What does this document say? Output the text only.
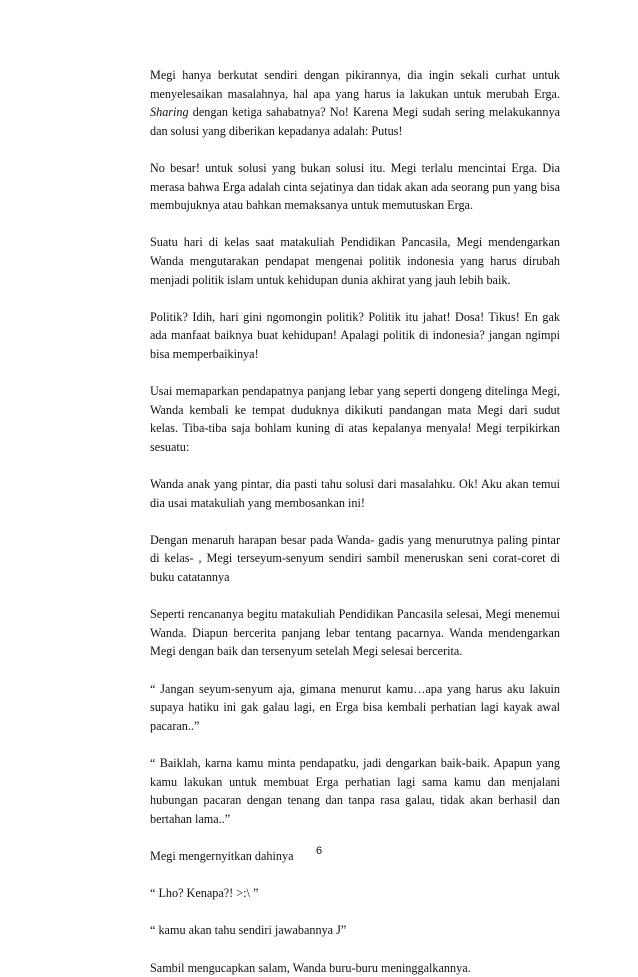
Megi hanya berkutat sendiri dengan pikirannya, dia ingin sekali curhat untuk menyelesaikan masalahnya, hal apa yang harus ia lakukan untuk merubah Erga. Sharing dengan ketiga sahabatnya? No! Karena Megi sudah sering melakukannya dan solusi yang diberikan kepadanya adalah: Putus!

No besar! untuk solusi yang bukan solusi itu. Megi terlalu mencintai Erga. Dia merasa bahwa Erga adalah cinta sejatinya dan tidak akan ada seorang pun yang bisa membujuknya atau bahkan memaksanya untuk memutuskan Erga.

Suatu hari di kelas saat matakuliah Pendidikan Pancasila, Megi mendengarkan Wanda mengutarakan pendapat mengenai politik indonesia yang harus dirubah menjadi politik islam untuk kehidupan dunia akhirat yang jauh lebih baik.

Politik? Idih, hari gini ngomongin politik? Politik itu jahat! Dosa! Tikus! En gak ada manfaat baiknya buat kehidupan! Apalagi politik di indonesia? jangan ngimpi bisa memperbaikinya!

Usai memaparkan pendapatnya panjang lebar yang seperti dongeng ditelinga Megi, Wanda kembali ke tempat duduknya dikikuti pandangan mata Megi dari sudut kelas. Tiba-tiba saja bohlam kuning di atas kepalanya menyala! Megi terpikirkan sesuatu:

Wanda anak yang pintar, dia pasti tahu solusi dari masalahku. Ok! Aku akan temui dia usai matakuliah yang membosankan ini!

Dengan menaruh harapan besar pada Wanda- gadis yang menurutnya paling pintar di kelas- , Megi terseyum-senyum sendiri sambil meneruskan seni corat-coret di buku catatannya

Seperti rencananya begitu matakuliah Pendidikan Pancasila selesai, Megi menemui Wanda. Diapun bercerita panjang lebar tentang pacarnya. Wanda mendengarkan Megi dengan baik dan tersenyum setelah Megi selesai bercerita.

“ Jangan seyum-senyum aja, gimana menurut kamu…apa yang harus aku lakuin supaya hatiku ini gak galau lagi, en Erga bisa kembali perhatian lagi kayak awal pacaran..”

“ Baiklah, karna kamu minta pendapatku, jadi dengarkan baik-baik. Apapun yang kamu lakukan untuk membuat Erga perhatian lagi sama kamu dan menjalani hubungan pacaran dengan tenang dan tanpa rasa galau, tidak akan berhasil dan bertahan lama..”

Megi mengernyitkan dahinya

“ Lho? Kenapa?! >:\ ”

“ kamu akan tahu sendiri jawabannya J”

Sambil mengucapkan salam, Wanda buru-buru meninggalkannya.

6
